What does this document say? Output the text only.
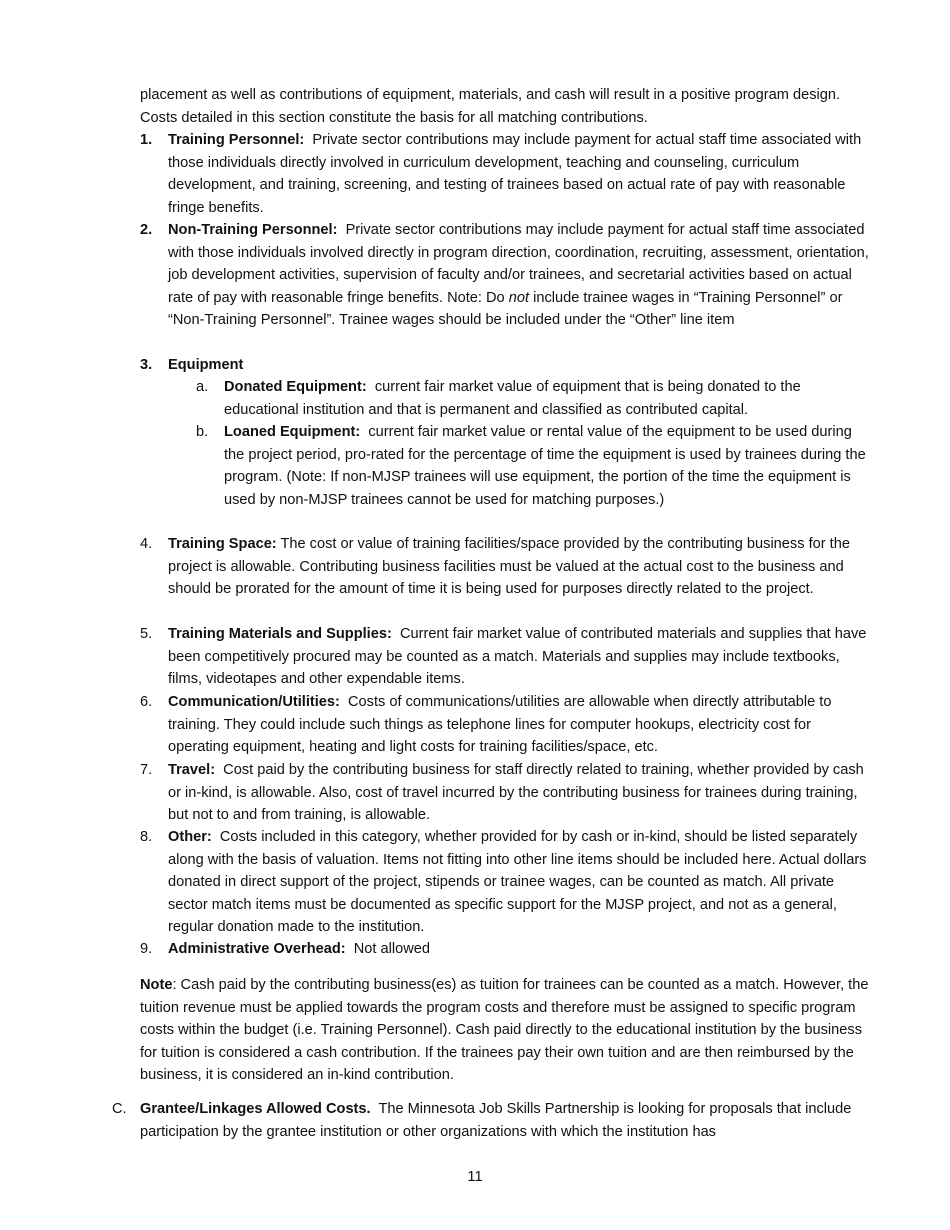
placement as well as contributions of equipment, materials, and cash will result in a positive program design. Costs detailed in this section constitute the basis for all matching contributions.

1.	Training Personnel: Private sector contributions may include payment for actual staff time associated with those individuals directly involved in curriculum development, teaching and counseling, curriculum development, and training, screening, and testing of trainees based on actual rate of pay with reasonable fringe benefits.
2.	Non-Training Personnel: Private sector contributions may include payment for actual staff time associated with those individuals involved directly in program direction, coordination, recruiting, assessment, orientation, job development activities, supervision of faculty and/or trainees, and secretarial activities based on actual rate of pay with reasonable fringe benefits. Note: Do not include trainee wages in “Training Personnel” or “Non-Training Personnel”. Trainee wages should be included under the “Other” line item
3.	Equipment
a.	Donated Equipment: current fair market value of equipment that is being donated to the educational institution and that is permanent and classified as contributed capital.
b.	Loaned Equipment: current fair market value or rental value of the equipment to be used during the project period, pro-rated for the percentage of time the equipment is used by trainees during the program. (Note: If non-MJSP trainees will use equipment, the portion of the time the equipment is used by non-MJSP trainees cannot be used for matching purposes.)
4.	Training Space: The cost or value of training facilities/space provided by the contributing business for the project is allowable. Contributing business facilities must be valued at the actual cost to the business and should be prorated for the amount of time it is being used for purposes directly related to the project.
5.	Training Materials and Supplies: Current fair market value of contributed materials and supplies that have been competitively procured may be counted as a match. Materials and supplies may include textbooks, films, videotapes and other expendable items.
6.	Communication/Utilities: Costs of communications/utilities are allowable when directly attributable to training. They could include such things as telephone lines for computer hookups, electricity cost for operating equipment, heating and light costs for training facilities/space, etc.
7.	Travel: Cost paid by the contributing business for staff directly related to training, whether provided by cash or in-kind, is allowable. Also, cost of travel incurred by the contributing business for trainees during training, but not to and from training, is allowable.
8.	Other: Costs included in this category, whether provided for by cash or in-kind, should be listed separately along with the basis of valuation. Items not fitting into other line items should be included here. Actual dollars donated in direct support of the project, stipends or trainee wages, can be counted as match. All private sector match items must be documented as specific support for the MJSP project, and not as a general, regular donation made to the institution.
9.	Administrative Overhead: Not allowed

Note: Cash paid by the contributing business(es) as tuition for trainees can be counted as a match. However, the tuition revenue must be applied towards the program costs and therefore must be assigned to specific program costs within the budget (i.e. Training Personnel). Cash paid directly to the educational institution by the business for tuition is considered a cash contribution. If the trainees pay their own tuition and are then reimbursed by the business, it is considered an in-kind contribution.

C. Grantee/Linkages Allowed Costs. The Minnesota Job Skills Partnership is looking for proposals that include participation by the grantee institution or other organizations with which the institution has
11
